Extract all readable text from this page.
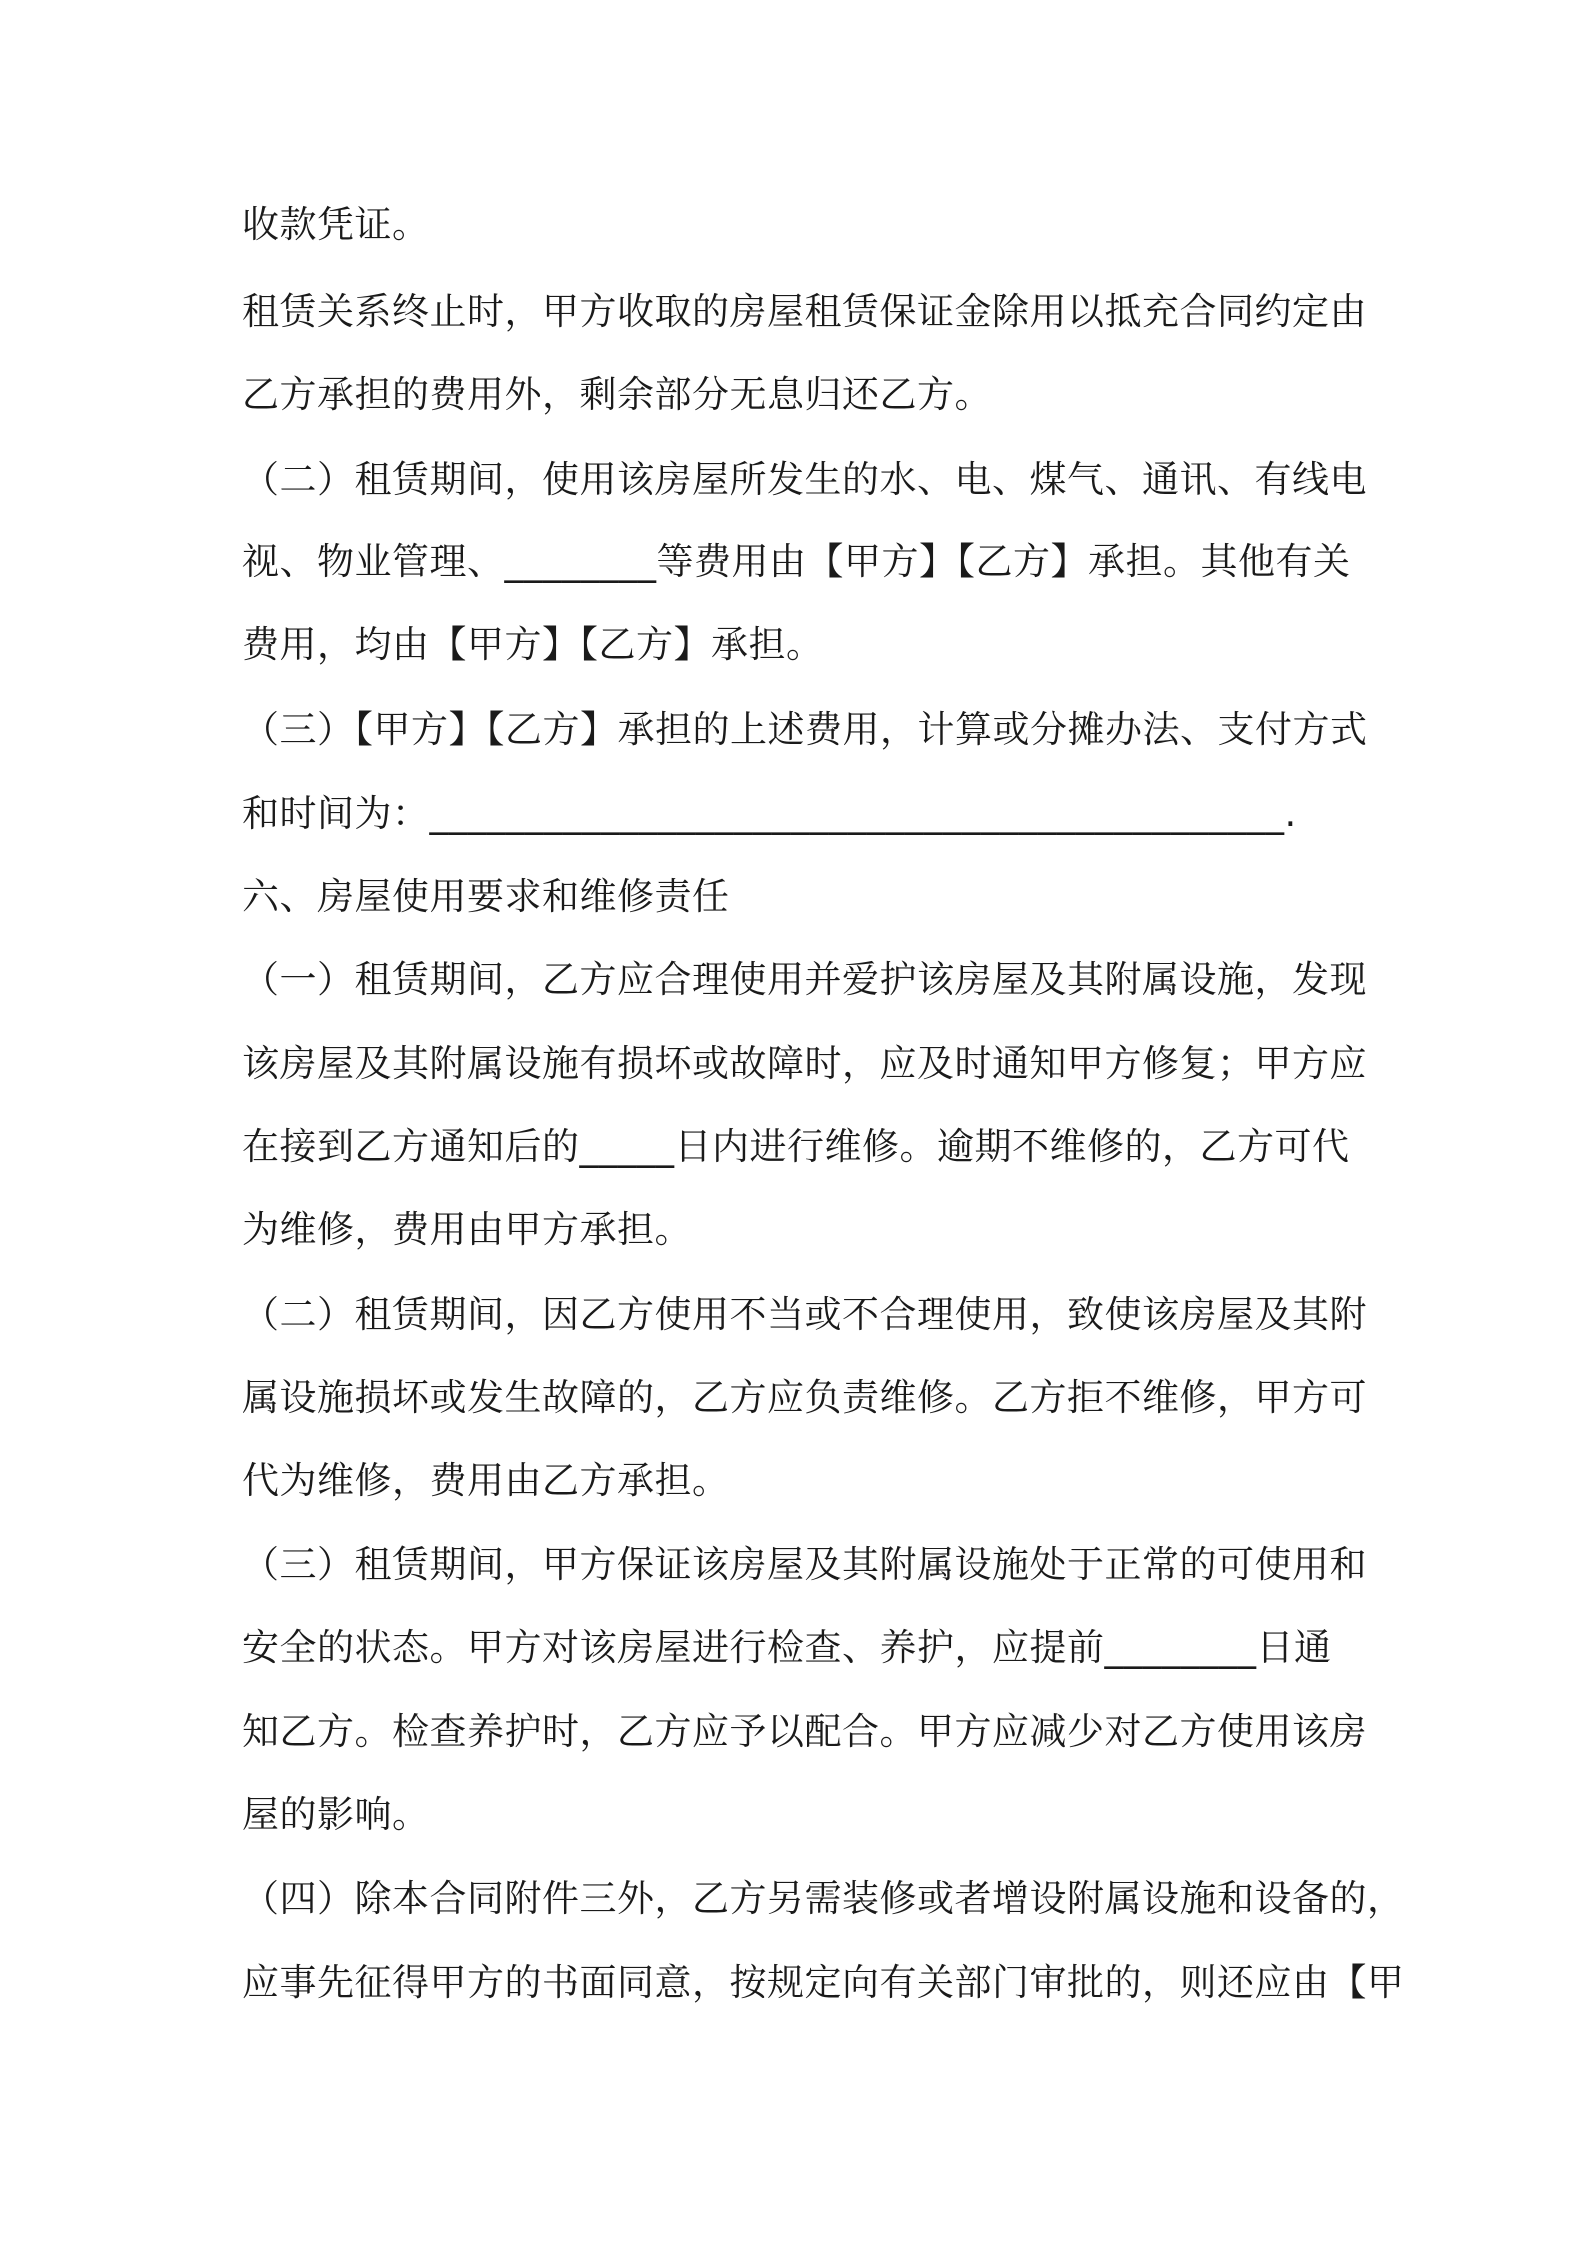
收款凭证。
租赁关系终止时，甲方收取的房屋租赁保证金除用以抵充合同约定由
乙方承担的费用外，剩余部分无息归还乙方。
（二）租赁期间，使用该房屋所发生的水、电、煤气、通讯、有线电
视、物业管理、________等费用由【甲方】【乙方】承担。其他有关
费用，均由【甲方】【乙方】承担。
（三）【甲方】【乙方】承担的上述费用，计算或分摊办法、支付方式
和时间为：_____________________________________________.
六、房屋使用要求和维修责任
（一）租赁期间，乙方应合理使用并爱护该房屋及其附属设施，发现
该房屋及其附属设施有损坏或故障时，应及时通知甲方修复；甲方应
在接到乙方通知后的_____日内进行维修。逾期不维修的，乙方可代
为维修，费用由甲方承担。
（二）租赁期间，因乙方使用不当或不合理使用，致使该房屋及其附
属设施损坏或发生故障的，乙方应负责维修。乙方拒不维修，甲方可
代为维修，费用由乙方承担。
（三）租赁期间，甲方保证该房屋及其附属设施处于正常的可使用和
安全的状态。甲方对该房屋进行检查、养护，应提前________日通
知乙方。检查养护时，乙方应予以配合。甲方应减少对乙方使用该房
屋的影响。
（四）除本合同附件三外，乙方另需装修或者增设附属设施和设备的，
应事先征得甲方的书面同意，按规定向有关部门审批的，则还应由【甲
